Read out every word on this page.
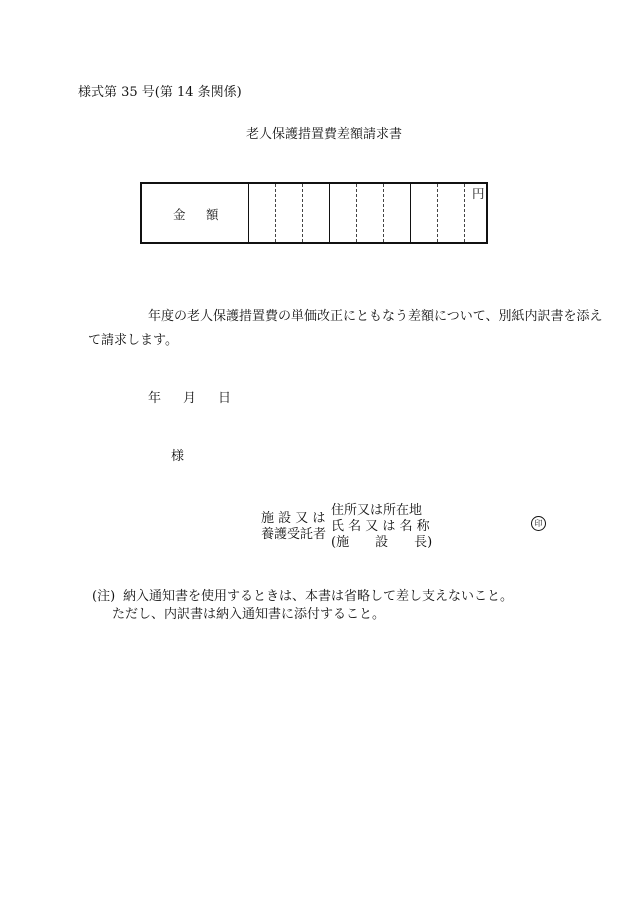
様式第 35 号(第 14 条関係)
老人保護措置費差額請求書
金 額
円
年度の老人保護措置費の単価改正にともなう差額について、別紙内訳書を添え
て請求します。
年 月 日
様
施 設 又 は
養護受託者
住所又は所在地
氏 名 又 は 名 称
(施　　設　　長)
印
(注) 納入通知書を使用するときは、本書は省略して差し支えないこと。
ただし、内訳書は納入通知書に添付すること。
